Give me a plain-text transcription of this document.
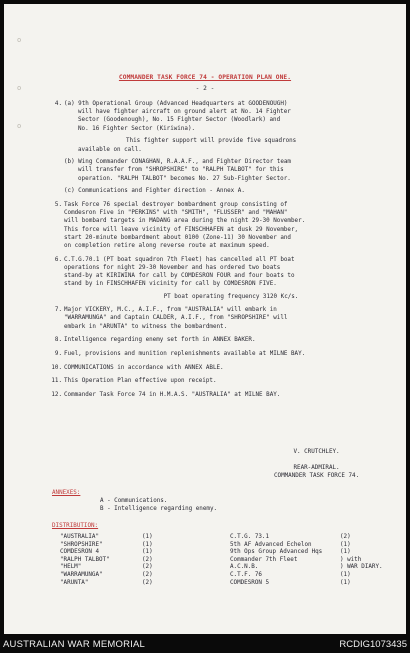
o
o
o
COMMANDER TASK FORCE 74 - OPERATION PLAN ONE.
- 2 -
4. (a) 9th Operational Group (Advanced Headquarters at GOODENOUGH)
will have fighter aircraft on ground alert at No. 14 Fighter
Sector (Goodenough), No. 15 Fighter Sector (Woodlark) and
No. 16 Fighter Sector (Kiriwina).
This fighter support will provide five squadrons
available on call.
(b) Wing Commander CONAGHAN, R.A.A.F., and Fighter Director team
will transfer from "SHROPSHIRE" to "RALPH TALBOT" for this
operation. "RALPH TALBOT" becomes No. 27 Sub-Fighter Sector.
(c) Communications and Fighter direction - Annex A.
5. Task Force 76 special destroyer bombardment group consisting of
Comdesron Five in "PERKINS" with "SMITH", "FLUSSER" and "MAHAN"
will bombard targets in MADANG area during the night 29-30 November.
This force will leave vicinity of FINSCHHAFEN at dusk 29 November,
start 20-minute bombardment about 0100 (Zone-11) 30 November and
on completion retire along reverse route at maximum speed.
6. C.T.G.70.1 (PT boat squadron 7th Fleet) has cancelled all PT boat
operations for night 29-30 November and has ordered two boats
stand-by at KIRIWINA for call by COMDESRON FOUR and four boats to
stand by in FINSCHHAFEN vicinity for call by COMDESRON FIVE.
PT boat operating frequency 3120 Kc/s.
7. Major VICKERY, M.C., A.I.F., from "AUSTRALIA" will embark in
"WARRAMUNGA" and Captain CALDER, A.I.F., from "SHROPSHIRE" will
embark in "ARUNTA" to witness the bombardment.
8. Intelligence regarding enemy set forth in ANNEX BAKER.
9. Fuel, provisions and munition replenishments available at MILNE BAY.
10. COMMUNICATIONS in accordance with ANNEX ABLE.
11. This Operation Plan effective upon receipt.
12. Commander Task Force 74 in H.M.A.S. "AUSTRALIA" at MILNE BAY.
V. CRUTCHLEY.
REAR-ADMIRAL.
COMMANDER TASK FORCE 74.
ANNEXES:
A - Communications.
B - Intelligence regarding enemy.
DISTRIBUTION:
"AUSTRALIA"	(1)
"SHROPSHIRE"	(1)
COMDESRON 4	(1)
"RALPH TALBOT"	(2)
"HELM"	(2)
"WARRAMUNGA"	(2)
"ARUNTA"	(2)
C.T.G. 73.1	(2)
5th AF Advanced Echelon	(1)
9th Ops Group Advanced Hqs	(1)
Commander 7th Fleet	) with
A.C.N.B.	) WAR DIARY.
C.T.F. 76	(1)
COMDESRON 5	(1)
AUSTRALIAN WAR MEMORIAL	RCDIG1073435
